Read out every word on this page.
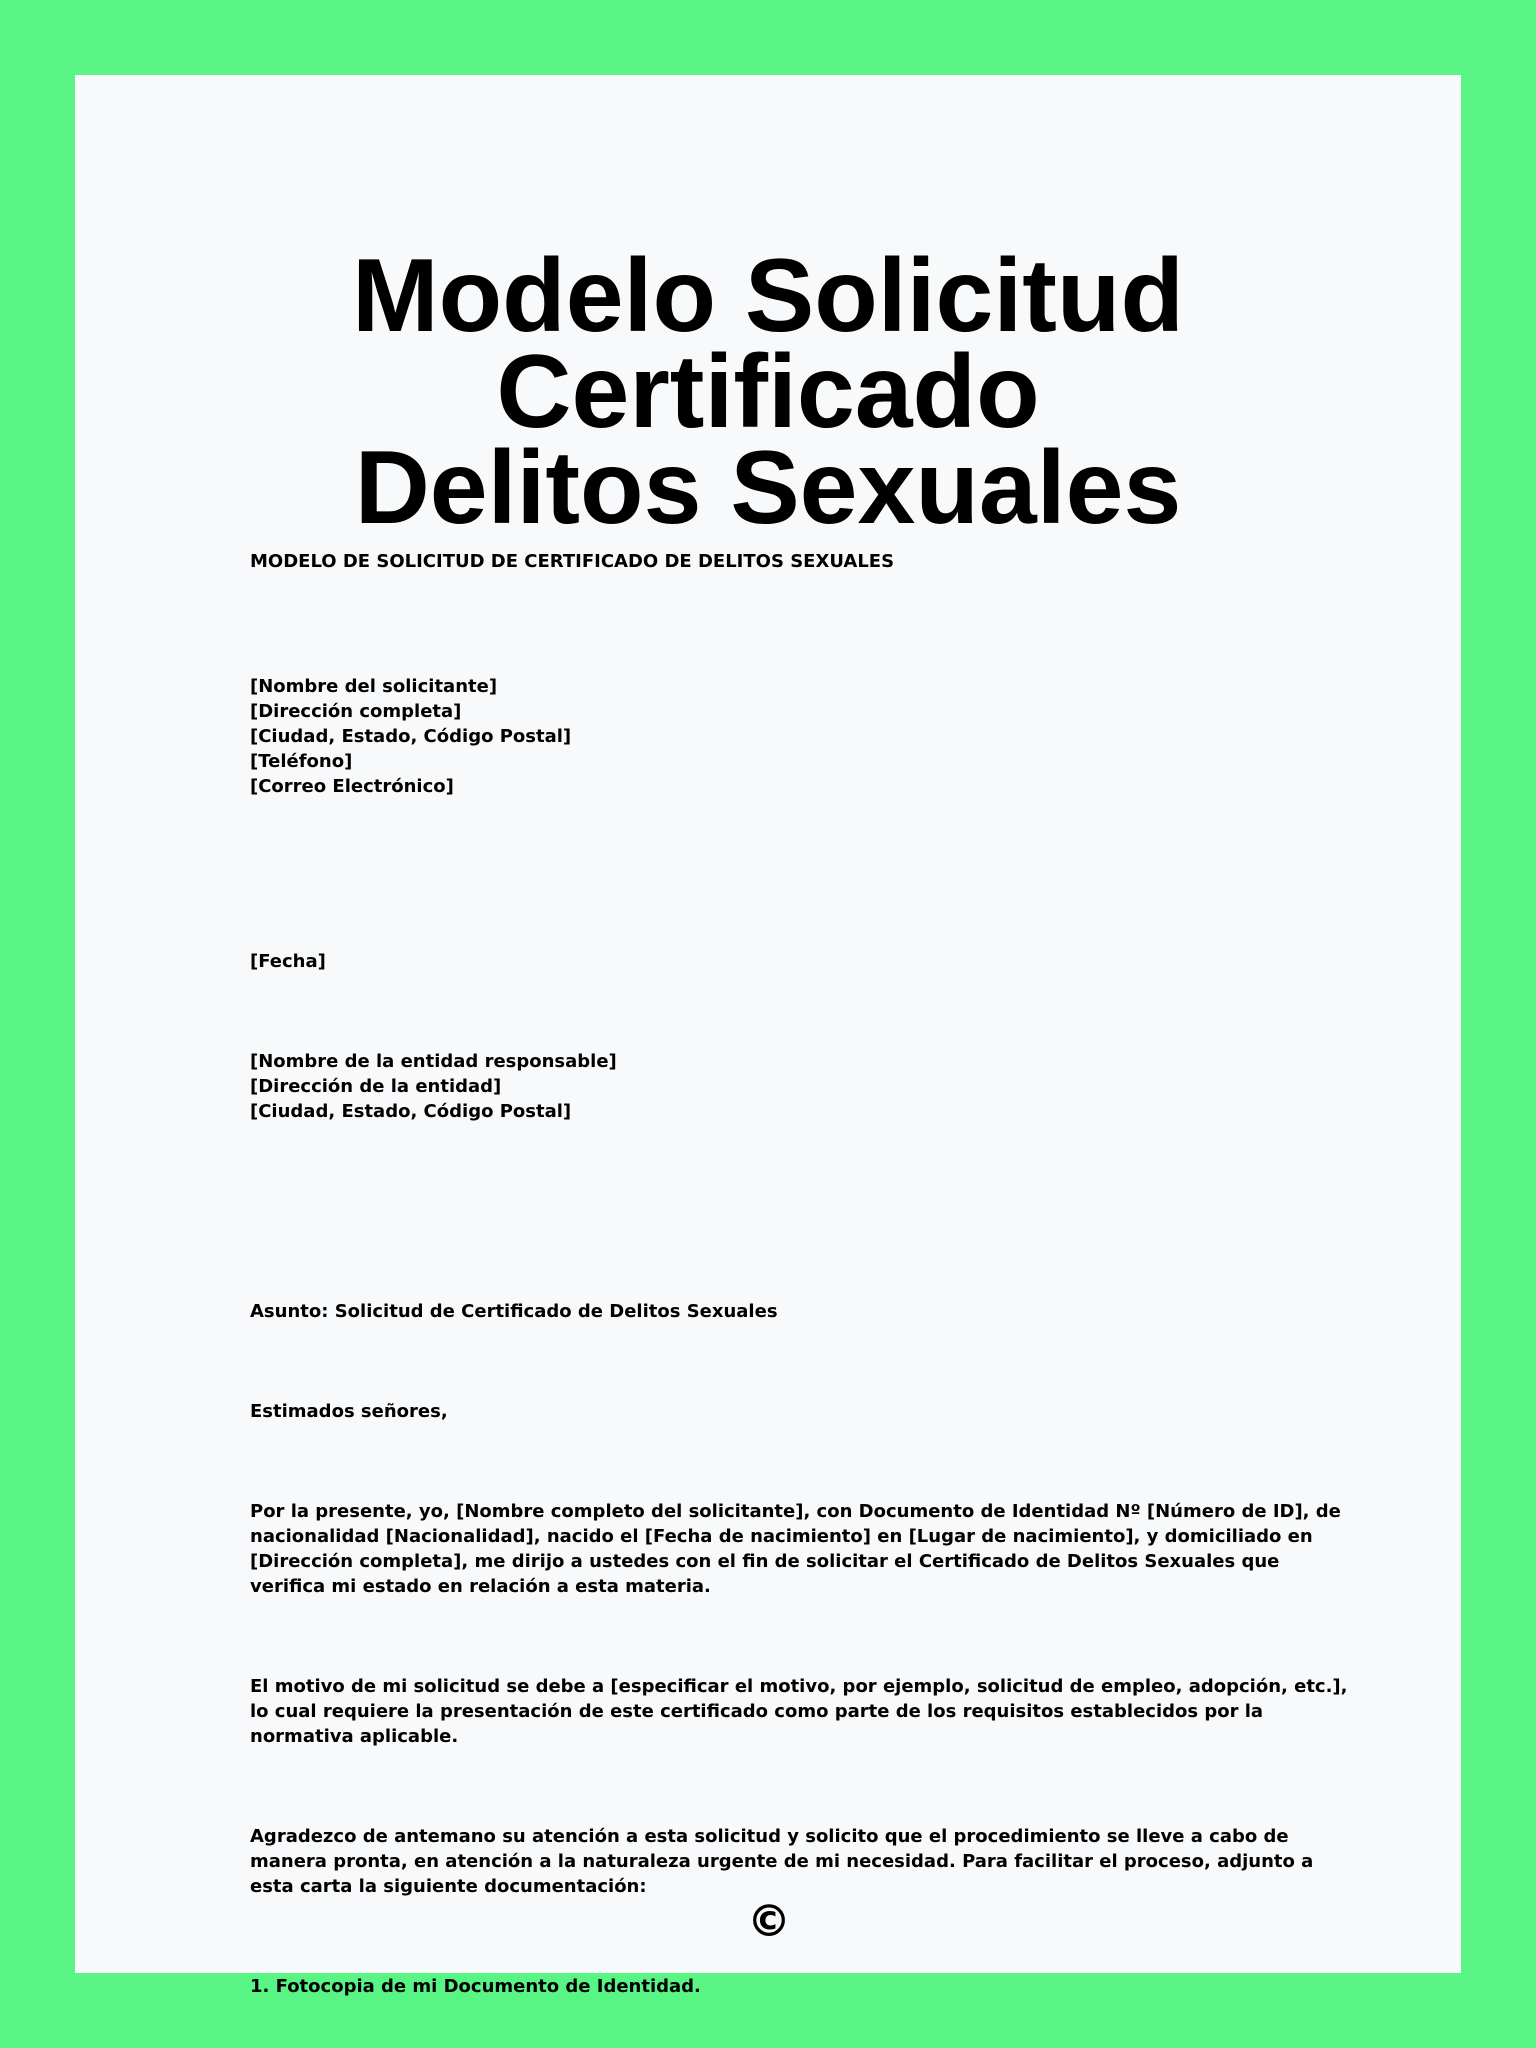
Modelo Solicitud Certificado
Delitos Sexuales

MODELO DE SOLICITUD DE CERTIFICADO DE DELITOS SEXUALES

[Nombre del solicitante]

[Dirección completa]

[Ciudad, Estado, Código Postal]

[Teléfono]

[Correo Electrónico]

[Fecha]

[Nombre de la entidad responsable]

[Dirección de la entidad]

[Ciudad, Estado, Código Postal]

Asunto: Solicitud de Certificado de Delitos Sexuales

Estimados señores,

Por la presente, yo, [Nombre completo del solicitante], con Documento de Identidad Nº [Número de ID], de nacionalidad [Nacionalidad], nacido el [Fecha de nacimiento] en [Lugar de nacimiento], y domiciliado en [Dirección completa], me dirijo a ustedes con el fin de solicitar el Certificado de Delitos Sexuales que verifica mi estado en relación a esta materia.

El motivo de mi solicitud se debe a [especificar el motivo, por ejemplo, solicitud de empleo, adopción, etc.], lo cual requiere la presentación de este certificado como parte de los requisitos establecidos por la normativa aplicable.

Agradezco de antemano su atención a esta solicitud y solicito que el procedimiento se lleve a cabo de manera pronta, en atención a la naturaleza urgente de mi necesidad. Para facilitar el proceso, adjunto a esta carta la siguiente documentación:

1. Fotocopia de mi Documento de Identidad.

©
